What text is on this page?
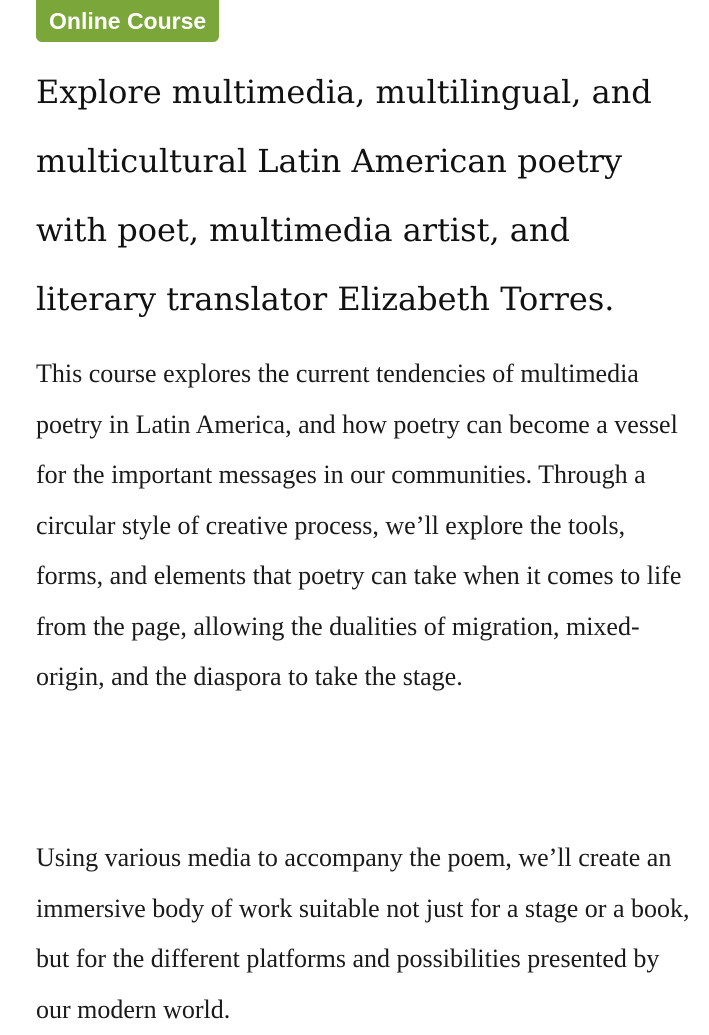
Online Course
Explore multimedia, multilingual, and multicultural Latin American poetry with poet, multimedia artist, and literary translator Elizabeth Torres.

This course explores the current tendencies of multimedia poetry in Latin America, and how poetry can become a vessel for the important messages in our communities. Through a circular style of creative process, we’ll explore the tools, forms, and elements that poetry can take when it comes to life from the page, allowing the dualities of migration, mixed-origin, and the diaspora to take the stage.

Using various media to accompany the poem, we’ll create an immersive body of work suitable not just for a stage or a book, but for the different platforms and possibilities presented by our modern world.
